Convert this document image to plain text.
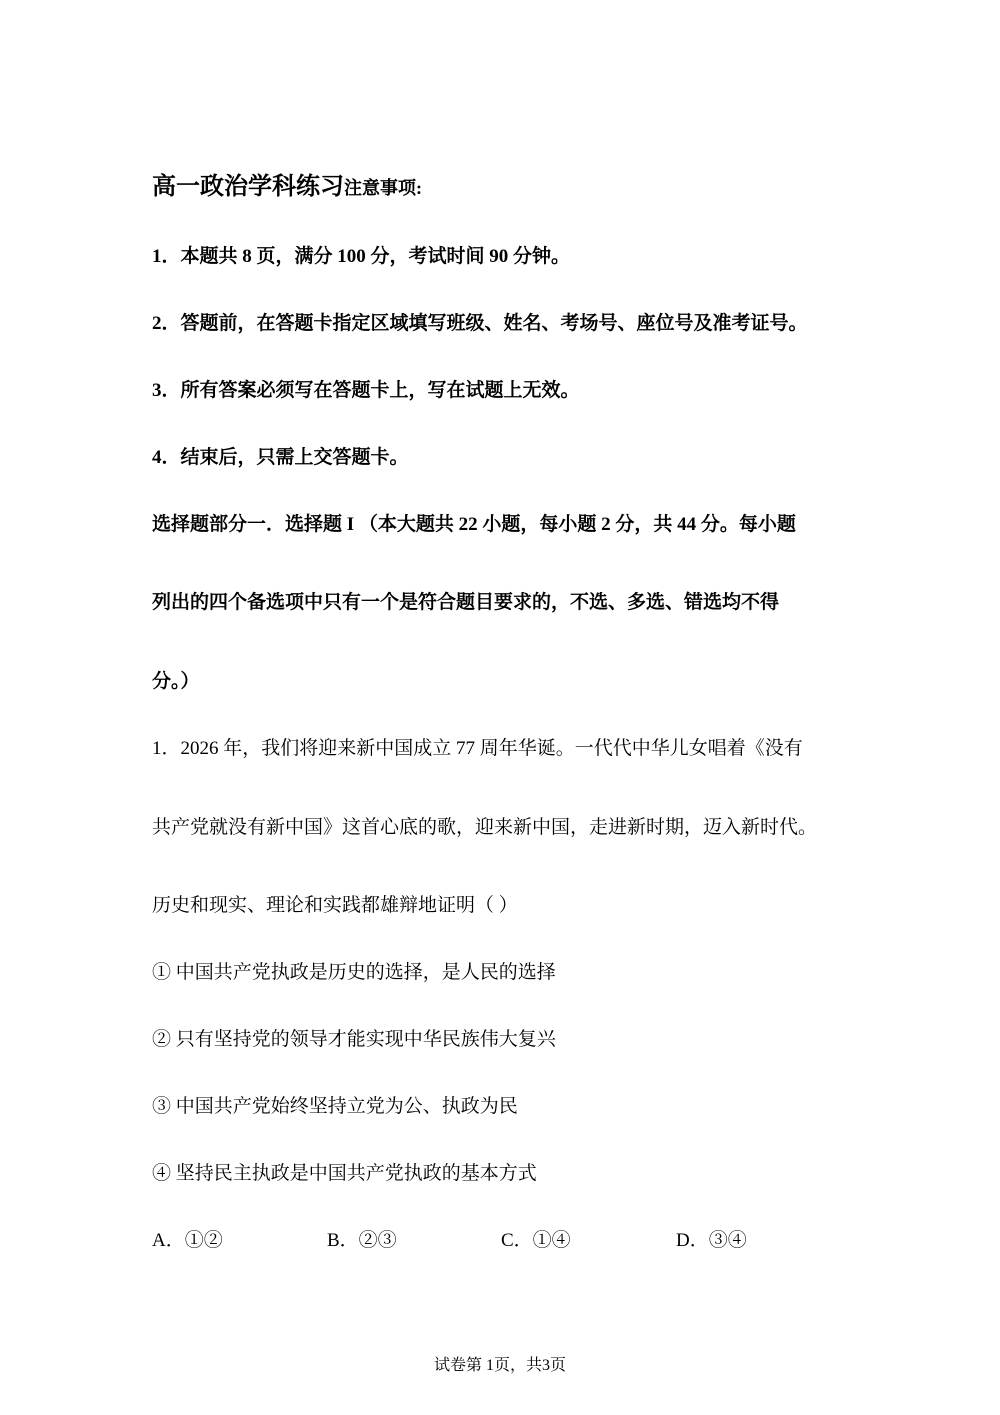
高一政治学科练习注意事项:
1．本题共 8 页，满分 100 分，考试时间 90 分钟。
2．答题前，在答题卡指定区域填写班级、姓名、考场号、座位号及准考证号。
3．所有答案必须写在答题卡上，写在试题上无效。
4．结束后，只需上交答题卡。
选择题部分一．选择题 I （本大题共 22 小题，每小题 2 分，共 44 分。每小题
列出的四个备选项中只有一个是符合题目要求的，不选、多选、错选均不得
分。）
1．2026 年，我们将迎来新中国成立 77 周年华诞。一代代中华儿女唱着《没有
共产党就没有新中国》这首心底的歌，迎来新中国，走进新时期，迈入新时代。
历史和现实、理论和实践都雄辩地证明（ ）
① 中国共产党执政是历史的选择，是人民的选择
② 只有坚持党的领导才能实现中华民族伟大复兴
③ 中国共产党始终坚持立党为公、执政为民
④ 坚持民主执政是中国共产党执政的基本方式
A．①②	B．②③	C．①④	D．③④
试卷第 1页，共3页
